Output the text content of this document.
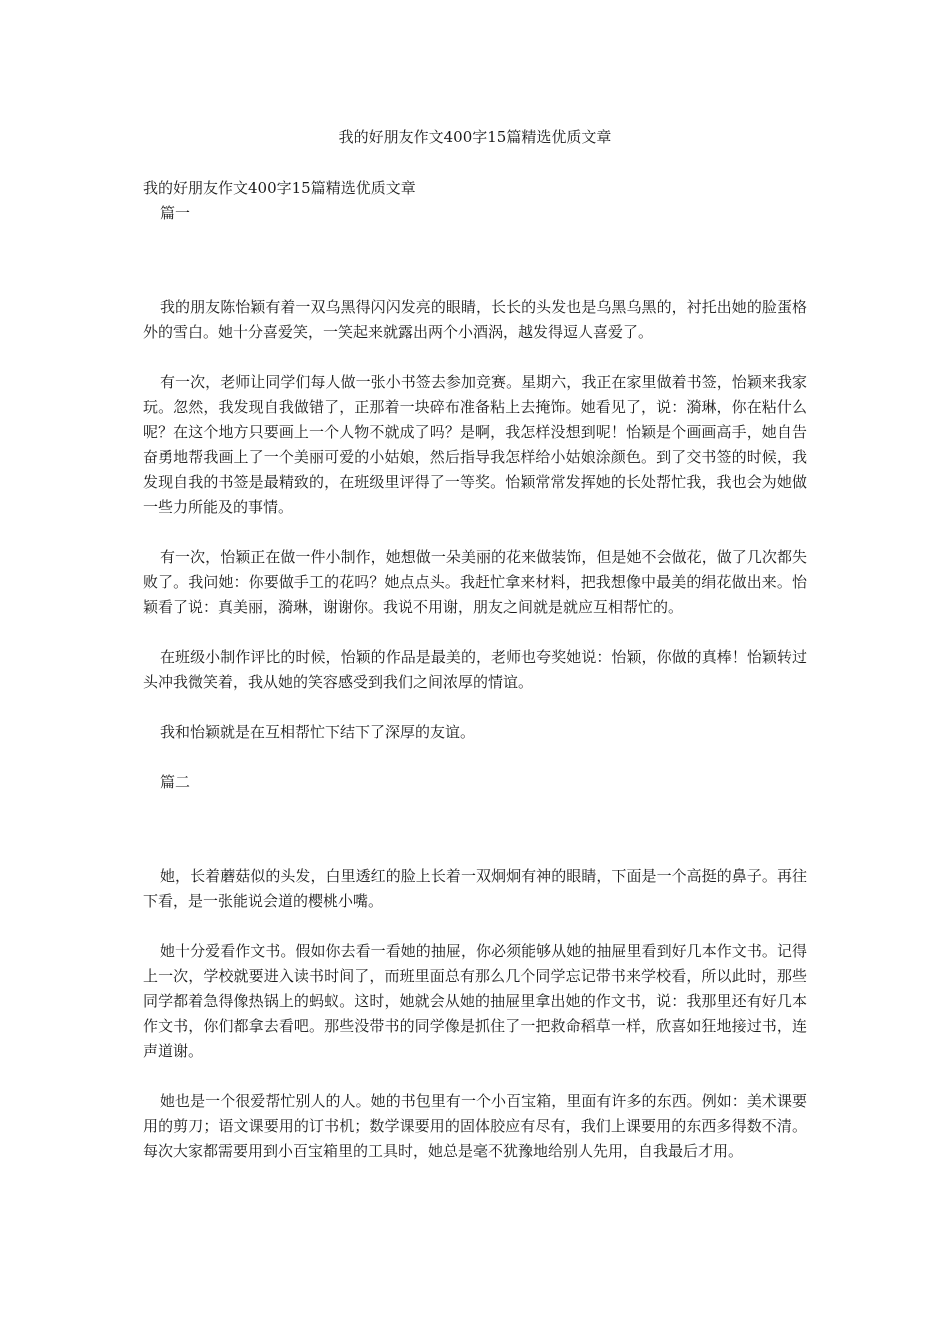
我的好朋友作文400字15篇精选优质文章

我的好朋友作文400字15篇精选优质文章

篇一

我的朋友陈怡颖有着一双乌黑得闪闪发亮的眼睛，长长的头发也是乌黑乌黑的，衬托出她的脸蛋格外的雪白。她十分喜爱笑，一笑起来就露出两个小酒涡，越发得逗人喜爱了。

有一次，老师让同学们每人做一张小书签去参加竞赛。星期六，我正在家里做着书签，怡颖来我家玩。忽然，我发现自我做错了，正那着一块碎布准备粘上去掩饰。她看见了，说：漪琳，你在粘什么呢？在这个地方只要画上一个人物不就成了吗？是啊，我怎样没想到呢！怡颖是个画画高手，她自告奋勇地帮我画上了一个美丽可爱的小姑娘，然后指导我怎样给小姑娘涂颜色。到了交书签的时候，我发现自我的书签是最精致的，在班级里评得了一等奖。怡颖常常发挥她的长处帮忙我，我也会为她做一些力所能及的事情。

有一次，怡颖正在做一件小制作，她想做一朵美丽的花来做装饰，但是她不会做花，做了几次都失败了。我问她：你要做手工的花吗？她点点头。我赶忙拿来材料，把我想像中最美的绢花做出来。怡颖看了说：真美丽，漪琳，谢谢你。我说不用谢，朋友之间就是就应互相帮忙的。

在班级小制作评比的时候，怡颖的作品是最美的，老师也夸奖她说：怡颖，你做的真棒！怡颖转过头冲我微笑着，我从她的笑容感受到我们之间浓厚的情谊。

我和怡颖就是在互相帮忙下结下了深厚的友谊。

篇二

她，长着蘑菇似的头发，白里透红的脸上长着一双炯炯有神的眼睛，下面是一个高挺的鼻子。再往下看，是一张能说会道的樱桃小嘴。

她十分爱看作文书。假如你去看一看她的抽屉，你必须能够从她的抽屉里看到好几本作文书。记得上一次，学校就要进入读书时间了，而班里面总有那么几个同学忘记带书来学校看，所以此时，那些同学都着急得像热锅上的蚂蚁。这时，她就会从她的抽屉里拿出她的作文书，说：我那里还有好几本作文书，你们都拿去看吧。那些没带书的同学像是抓住了一把救命稻草一样，欣喜如狂地接过书，连声道谢。

她也是一个很爱帮忙别人的人。她的书包里有一个小百宝箱，里面有许多的东西。例如：美术课要用的剪刀；语文课要用的订书机；数学课要用的固体胶应有尽有，我们上课要用的东西多得数不清。每次大家都需要用到小百宝箱里的工具时，她总是毫不犹豫地给别人先用，自我最后才用。
